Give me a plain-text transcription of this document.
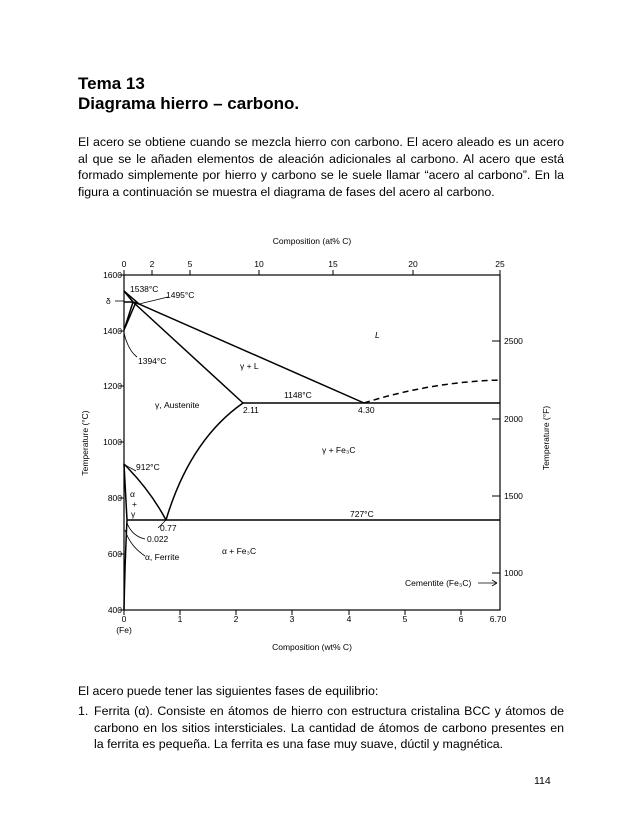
Tema 13
Diagrama hierro – carbono.

El acero se obtiene cuando se mezcla hierro con carbono. El acero aleado es un acero al que se le añaden elementos de aleación adicionales al carbono. Al acero que está formado simplemente por hierro y carbono se le suele llamar “acero al carbono”. En la figura a continuación se muestra el diagrama de fases del acero al carbono.

Composition (at% C)
Composition (wt% C)
Temperature (°C)	Temperature (°F)
(Fe)
0	2	5	10	15	20	25
0	1	2	3	4	5	6	6.70
1600
1400
1200
1000
800
600
400
2500
2000
1500
1000
1538°C
1495°C
δ
1394°C	γ + L
L
1148°C
γ, Austenite	2.11	4.30
γ + Fe₃C
912°C
α
+
γ	727°C
0.77
0.022
α, Ferrite
α + Fe₃C
Cementite (Fe₃C)

El acero puede tener las siguientes fases de equilibrio:

1. Ferrita (α). Consiste en átomos de hierro con estructura cristalina BCC y átomos de carbono en los sitios intersticiales. La cantidad de átomos de carbono presentes en la ferrita es pequeña. La ferrita es una fase muy suave, dúctil y magnética.
114
